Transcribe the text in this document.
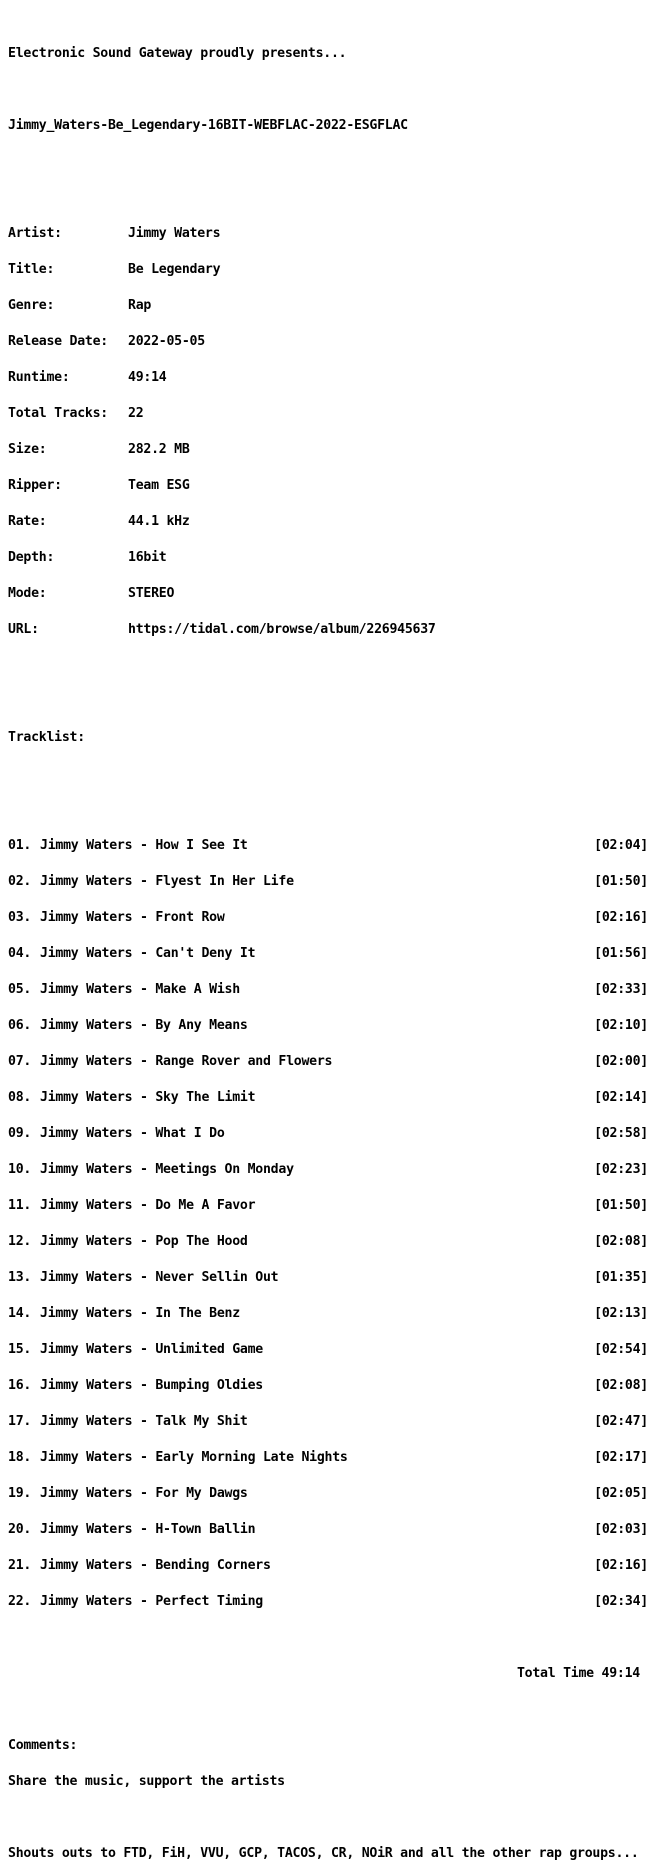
Electronic Sound Gateway proudly presents...

Jimmy_Waters-Be_Legendary-16BIT-WEBFLAC-2022-ESGFLAC

Artist:	Jimmy Waters

Title:	Be Legendary

Genre:	Rap

Release Date: 2022-05-05

Runtime:	49:14

Total Tracks: 22

Size:	282.2 MB

Ripper:	Team ESG

Rate:	44.1 kHz

Depth:	16bit

Mode:	STEREO

URL:	https://tidal.com/browse/album/226945637

Tracklist:

01. Jimmy Waters - How I See It	[02:04]

02. Jimmy Waters - Flyest In Her Life	[01:50]

03. Jimmy Waters - Front Row	[02:16]

04. Jimmy Waters - Can't Deny It	[01:56]

05. Jimmy Waters - Make A Wish	[02:33]

06. Jimmy Waters - By Any Means	[02:10]

07. Jimmy Waters - Range Rover and Flowers	[02:00]

08. Jimmy Waters - Sky The Limit	[02:14]

09. Jimmy Waters - What I Do	[02:58]

10. Jimmy Waters - Meetings On Monday	[02:23]

11. Jimmy Waters - Do Me A Favor	[01:50]

12. Jimmy Waters - Pop The Hood	[02:08]

13. Jimmy Waters - Never Sellin Out	[01:35]

14. Jimmy Waters - In The Benz	[02:13]

15. Jimmy Waters - Unlimited Game	[02:54]

16. Jimmy Waters - Bumping Oldies	[02:08]

17. Jimmy Waters - Talk My Shit	[02:47]

18. Jimmy Waters - Early Morning Late Nights	[02:17]

19. Jimmy Waters - For My Dawgs	[02:05]

20. Jimmy Waters - H-Town Ballin	[02:03]

21. Jimmy Waters - Bending Corners	[02:16]

22. Jimmy Waters - Perfect Timing	[02:34]

Total Time 49:14

Comments:

Share the music, support the artists

Shouts outs to FTD, FiH, VVU, GCP, TACOS, CR, NOiR and all the other rap groups...
